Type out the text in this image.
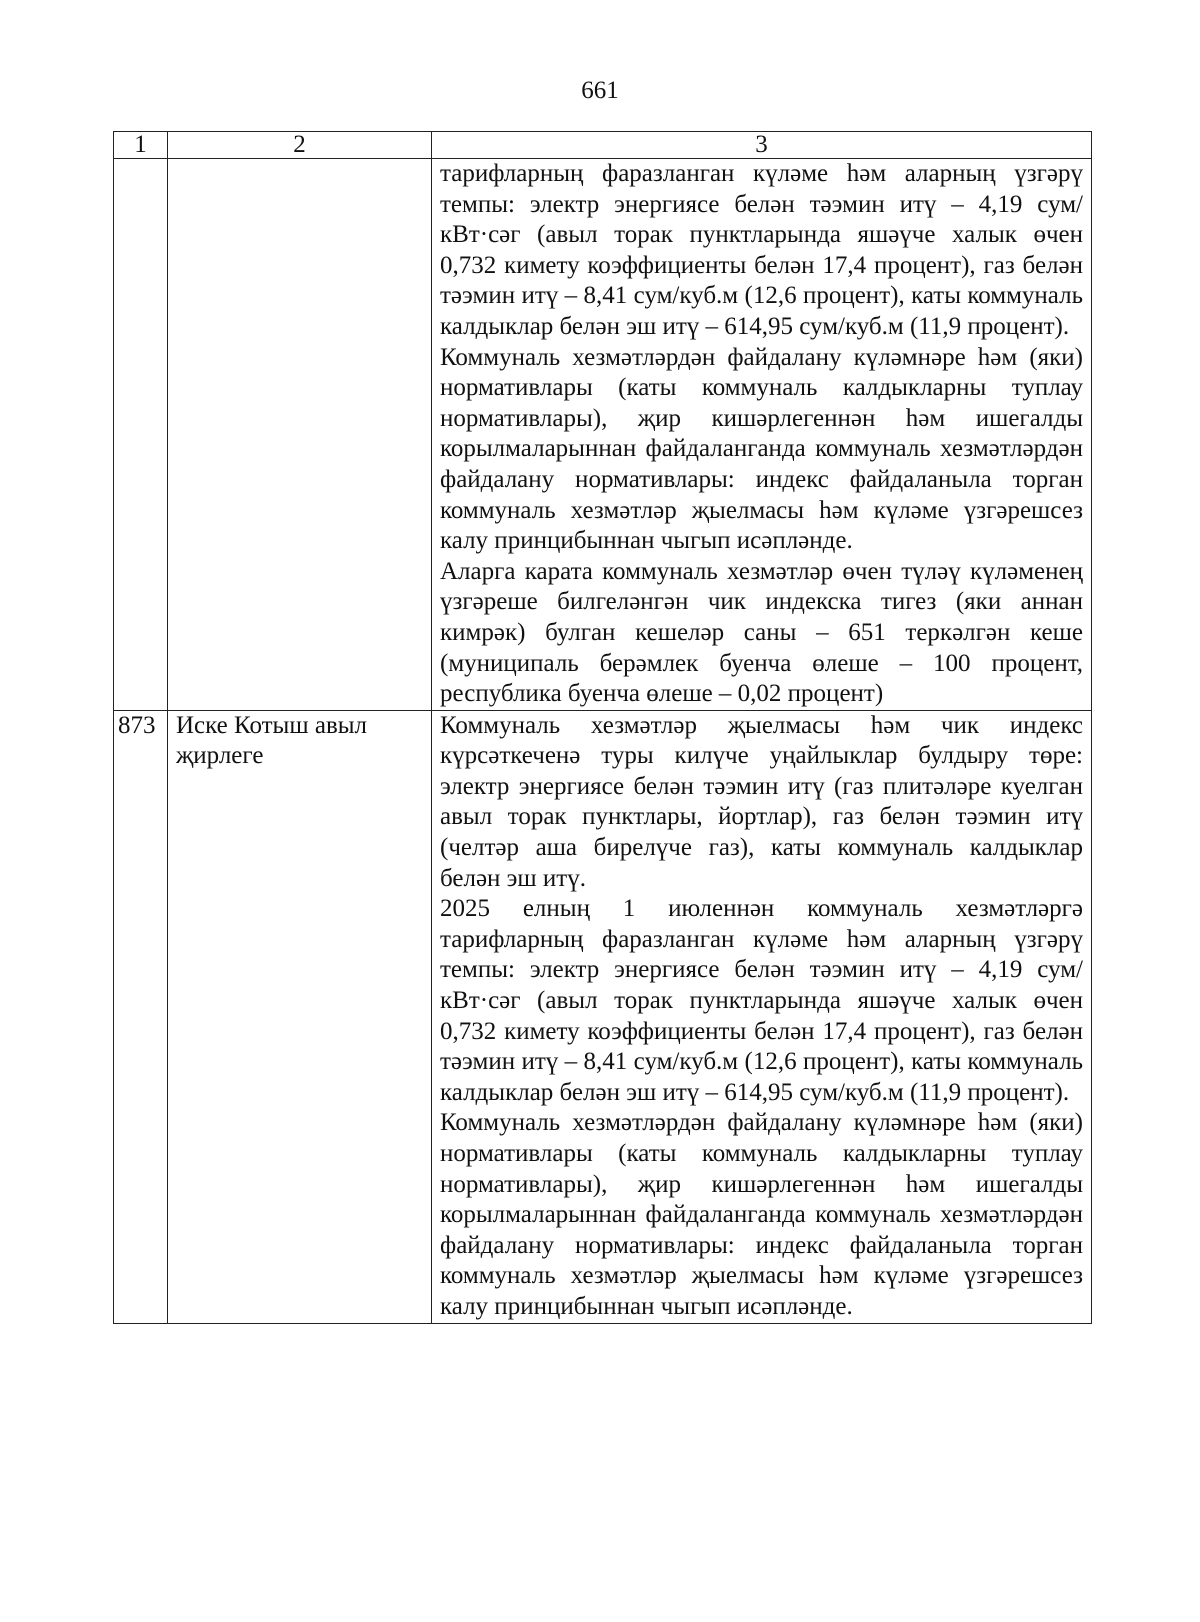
661
1	2	3

		тарифларның фаразланган күләме һәм аларның үзгәрү темпы: электр энергиясе белән тәэмин итү – 4,19 сум/кВт·сәг (авыл торак пунктларында яшәүче халык өчен 0,732 кимету коэффициенты белән 17,4 процент), газ белән тәэмин итү – 8,41 сум/куб.м (12,6 процент), каты коммуналь калдыклар белән эш итү – 614,95 сум/куб.м (11,9 процент).

Коммуналь хезмәтләрдән файдалану күләмнәре һәм (яки) нормативлары (каты коммуналь калдыкларны туплау нормативлары), җир кишәрлегеннән һәм ишегалды корылмаларыннан файдаланганда коммуналь хезмәтләрдән файдалану нормативлары: индекс файдаланыла торган коммуналь хезмәтләр җыелмасы һәм күләме үзгәрешсез калу принцибыннан чыгып исәпләнде.

Аларга карата коммуналь хезмәтләр өчен түләү күләменең үзгәреше билгеләнгән чик индекска тигез (яки аннан кимрәк) булган кешеләр саны – 651 теркәлгән кеше (муниципаль берәмлек буенча өлеше – 100 процент, республика буенча өлеше – 0,02 процент)

873	Иске Котыш авыл җирлеге	Коммуналь хезмәтләр җыелмасы һәм чик индекс күрсәткеченә туры килүче уңайлыклар булдыру төре: электр энергиясе белән тәэмин итү (газ плитәләре куелган авыл торак пунктлары, йортлар), газ белән тәэмин итү (челтәр аша бирелүче газ), каты коммуналь калдыклар белән эш итү.

2025 елның 1 июленнән коммуналь хезмәтләргә тарифларның фаразланган күләме һәм аларның үзгәрү темпы: электр энергиясе белән тәэмин итү – 4,19 сум/кВт·сәг (авыл торак пунктларында яшәүче халык өчен 0,732 кимету коэффициенты белән 17,4 процент), газ белән тәэмин итү – 8,41 сум/куб.м (12,6 процент), каты коммуналь калдыклар белән эш итү – 614,95 сум/куб.м (11,9 процент).

Коммуналь хезмәтләрдән файдалану күләмнәре һәм (яки) нормативлары (каты коммуналь калдыкларны туплау нормативлары), җир кишәрлегеннән һәм ишегалды корылмаларыннан файдаланганда коммуналь хезмәтләрдән файдалану нормативлары: индекс файдаланыла торган коммуналь хезмәтләр җыелмасы һәм күләме үзгәрешсез калу принцибыннан чыгып исәпләнде.
